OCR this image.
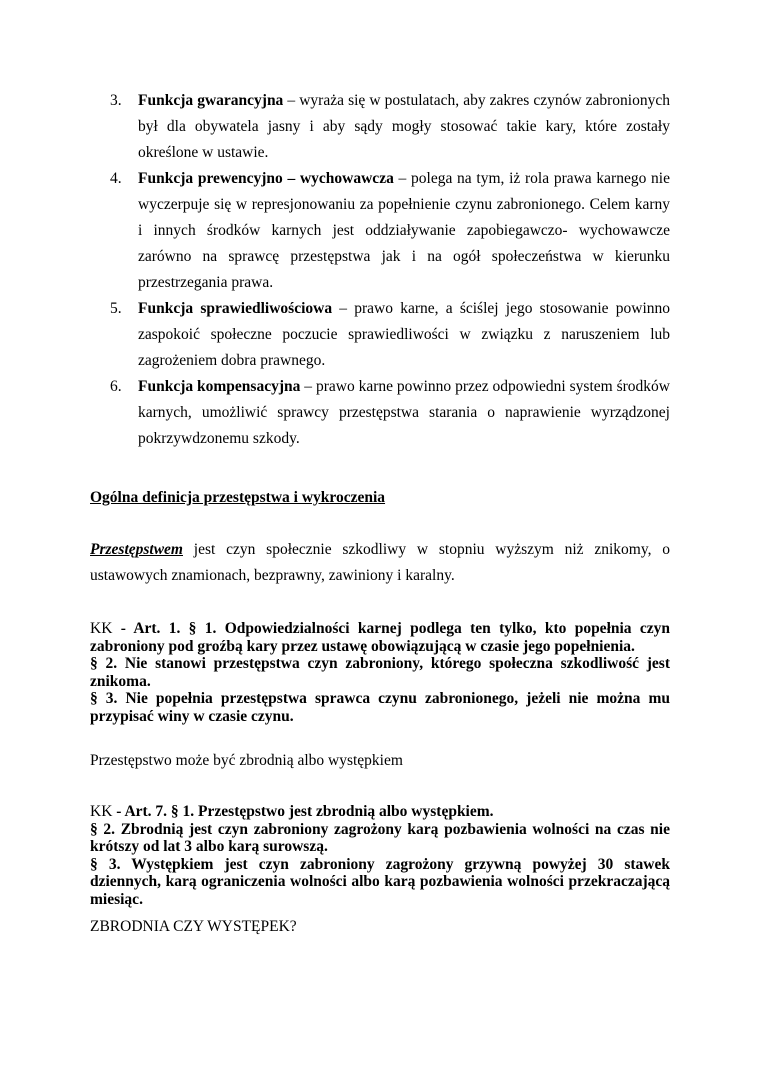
3. Funkcja gwarancyjna – wyraża się w postulatach, aby zakres czynów zabronionych był dla obywatela jasny i aby sądy mogły stosować takie kary, które zostały określone w ustawie.
4. Funkcja prewencyjno – wychowawcza – polega na tym, iż rola prawa karnego nie wyczerpuje się w represjonowaniu za popełnienie czynu zabronionego. Celem karny i innych środków karnych jest oddziaływanie zapobiegawczo- wychowawcze zarówno na sprawcę przestępstwa jak i na ogół społeczeństwa w kierunku przestrzegania prawa.
5. Funkcja sprawiedliwościowa – prawo karne, a ściślej jego stosowanie powinno zaspokoić społeczne poczucie sprawiedliwości w związku z naruszeniem lub zagrożeniem dobra prawnego.
6. Funkcja kompensacyjna – prawo karne powinno przez odpowiedni system środków karnych, umożliwić sprawcy przestępstwa starania o naprawienie wyrządzonej pokrzywdzonemu szkody.
Ogólna definicja przestępstwa i wykroczenia
Przestępstwem jest czyn społecznie szkodliwy w stopniu wyższym niż znikomy, o
ustawowych znamionach, bezprawny, zawiniony i karalny.
KK - Art. 1. § 1. Odpowiedzialności karnej podlega ten tylko, kto popełnia czyn zabroniony pod groźbą kary przez ustawę obowiązującą w czasie jego popełnienia.
§ 2. Nie stanowi przestępstwa czyn zabroniony, którego społeczna szkodliwość jest znikoma.
§ 3. Nie popełnia przestępstwa sprawca czynu zabronionego, jeżeli nie można mu przypisać winy w czasie czynu.
Przestępstwo może być zbrodnią albo występkiem
KK - Art. 7. § 1. Przestępstwo jest zbrodnią albo występkiem.
§ 2. Zbrodnią jest czyn zabroniony zagrożony karą pozbawienia wolności na czas nie krótszy od lat 3 albo karą surowszą.
§ 3. Występkiem jest czyn zabroniony zagrożony grzywną powyżej 30 stawek dziennych, karą ograniczenia wolności albo karą pozbawienia wolności przekraczającą miesiąc.
ZBRODNIA CZY WYSTĘPEK?
